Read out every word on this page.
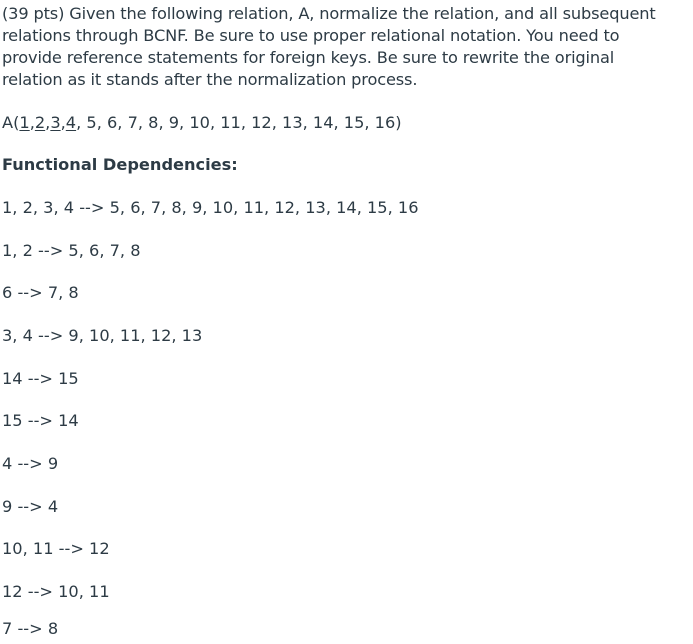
(39 pts) Given the following relation, A, normalize the relation, and all subsequent
relations through BCNF. Be sure to use proper relational notation. You need to
provide reference statements for foreign keys. Be sure to rewrite the original
relation as it stands after the normalization process.

A(1,2,3,4, 5, 6, 7, 8, 9, 10, 11, 12, 13, 14, 15, 16)

Functional Dependencies:

1, 2, 3, 4 --> 5, 6, 7, 8, 9, 10, 11, 12, 13, 14, 15, 16

1, 2 --> 5, 6, 7, 8

6 --> 7, 8

3, 4 --> 9, 10, 11, 12, 13

14 --> 15

15 --> 14

4 --> 9

9 --> 4

10, 11 --> 12

12 --> 10, 11

7 --> 8
